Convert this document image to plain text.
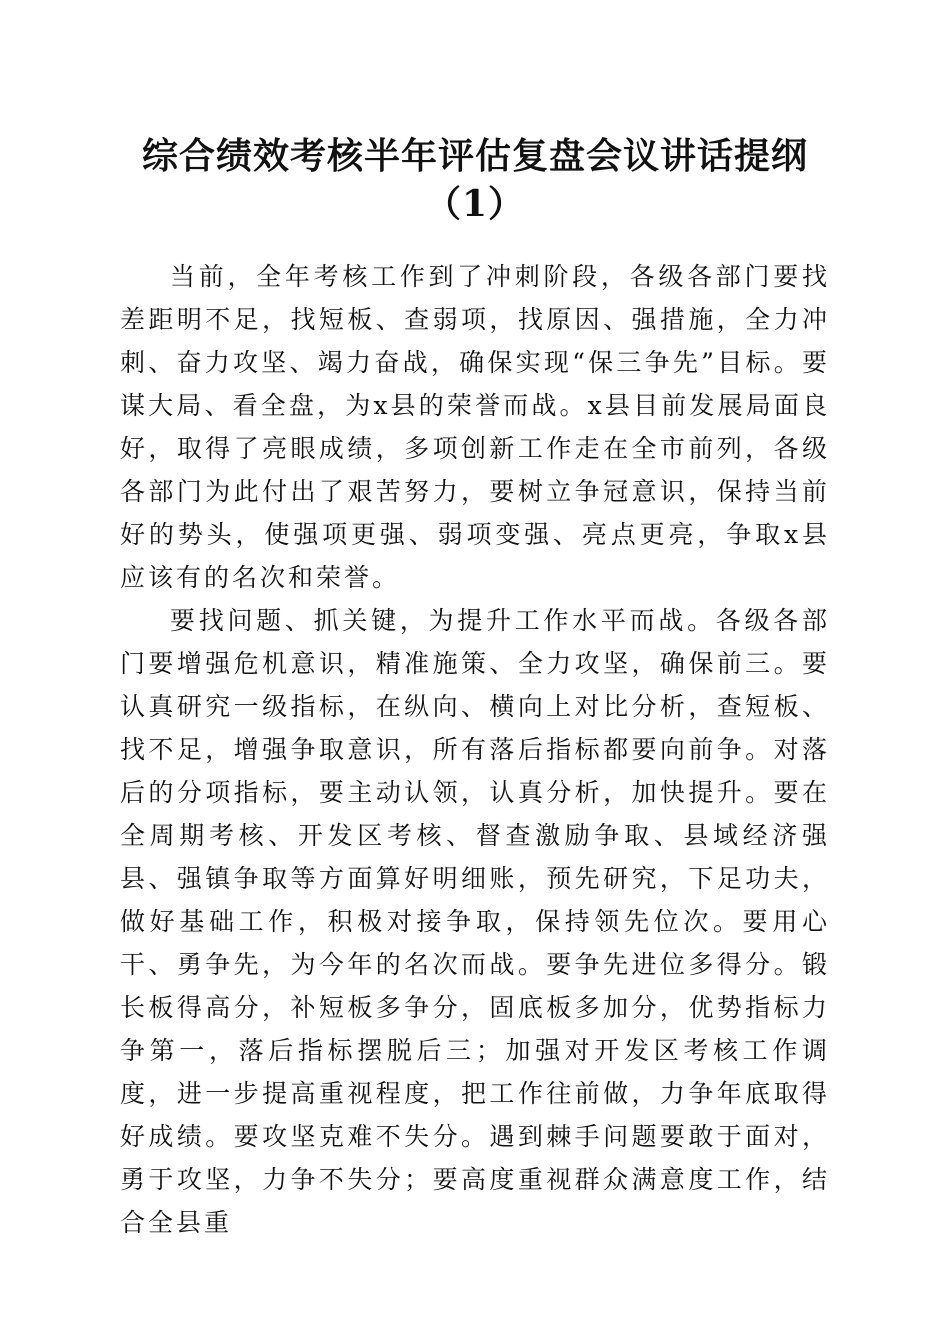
综合绩效考核半年评估复盘会议讲话提纲
（1）

当前，全年考核工作到了冲刺阶段，各级各部门要找差距明不足，找短板、查弱项，找原因、强措施，全力冲刺、奋力攻坚、竭力奋战，确保实现“保三争先”目标。要谋大局、看全盘，为x县的荣誉而战。x县目前发展局面良好，取得了亮眼成绩，多项创新工作走在全市前列，各级各部门为此付出了艰苦努力，要树立争冠意识，保持当前好的势头，使强项更强、弱项变强、亮点更亮，争取x县应该有的名次和荣誉。

要找问题、抓关键，为提升工作水平而战。各级各部门要增强危机意识，精准施策、全力攻坚，确保前三。要认真研究一级指标，在纵向、横向上对比分析，查短板、找不足，增强争取意识，所有落后指标都要向前争。对落后的分项指标，要主动认领，认真分析，加快提升。要在全周期考核、开发区考核、督查激励争取、县域经济强县、强镇争取等方面算好明细账，预先研究，下足功夫，做好基础工作，积极对接争取，保持领先位次。要用心干、勇争先，为今年的名次而战。要争先进位多得分。锻长板得高分，补短板多争分，固底板多加分，优势指标力争第一，落后指标摆脱后三；加强对开发区考核工作调度，进一步提高重视程度，把工作往前做，力争年底取得好成绩。要攻坚克难不失分。遇到棘手问题要敢于面对，勇于攻坚，力争不失分；要高度重视群众满意度工作，结合全县重
